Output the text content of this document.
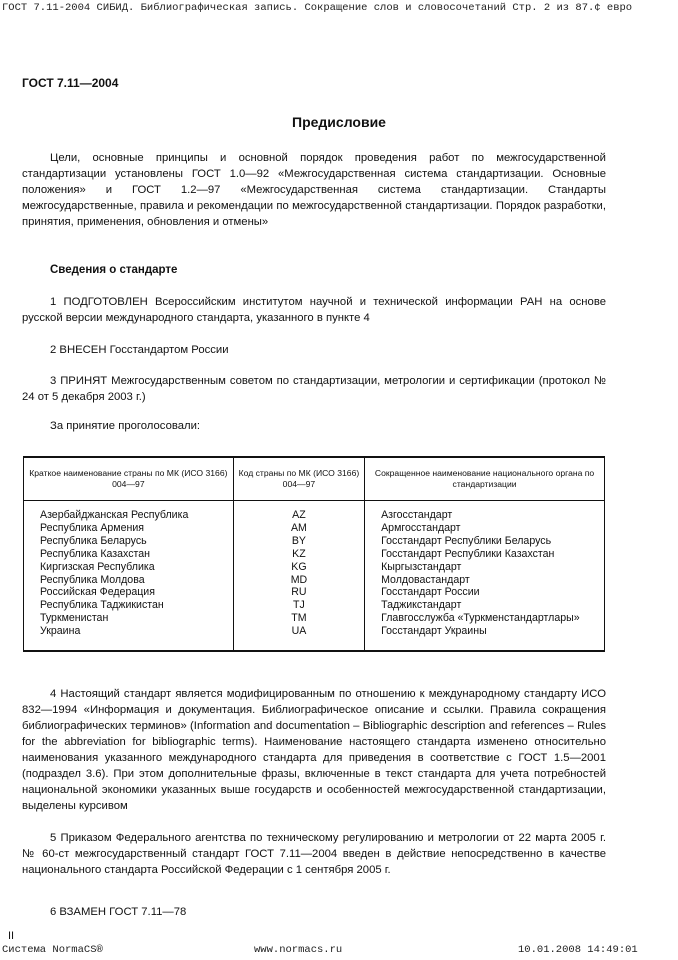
ГОСТ 7.11-2004 СИБИД. Библиографическая запись. Сокращение слов и словосочетаний Стр. 2 из 87.¢ евро
ГОСТ 7.11—2004
Предисловие
Цели, основные принципы и основной порядок проведения работ по межгосударственной стандартизации установлены ГОСТ 1.0—92 «Межгосударственная система стандартизации. Основные положения» и ГОСТ 1.2—97 «Межгосударственная система стандартизации. Стандарты межгосударственные, правила и рекомендации по межгосударственной стандартизации. Порядок разработки, принятия, применения, обновления и отмены»
Сведения о стандарте
1 ПОДГОТОВЛЕН Всероссийским институтом научной и технической информации РАН на основе русской версии международного стандарта, указанного в пункте 4
2 ВНЕСЕН Госстандартом России
3 ПРИНЯТ Межгосударственным советом по стандартизации, метрологии и сертификации (протокол № 24 от 5 декабря 2003 г.)
За принятие проголосовали:
Краткое наименование страны по МК (ИСО 3166) 004—97	Код страны по МК (ИСО 3166) 004—97	Сокращенное наименование национального органа по стандартизации
Азербайджанская Республика	AZ	Азгосстандарт
Республика Армения	AM	Армгосстандарт
Республика Беларусь	BY	Госстандарт Республики Беларусь
Республика Казахстан	KZ	Госстандарт Республики Казахстан
Киргизская Республика	KG	Кыргызстандарт
Республика Молдова	MD	Молдовастандарт
Российская Федерация	RU	Госстандарт России
Республика Таджикистан	TJ	Таджикстандарт
Туркменистан	TM	Главгосслужба «Туркменстандартлары»
Украина	UA	Госстандарт Украины
4 Настоящий стандарт является модифицированным по отношению к международному стандарту ИСО 832—1994 «Информация и документация. Библиографическое описание и ссылки. Правила сокращения библиографических терминов» (Information and documentation – Bibliographic description and references – Rules for the abbreviation for bibliographic terms). Наименование настоящего стандарта изменено относительно наименования указанного международного стандарта для приведения в соответствие с ГОСТ 1.5—2001 (подраздел 3.6). При этом дополнительные фразы, включенные в текст стандарта для учета потребностей национальной экономики указанных выше государств и особенностей межгосударственной стандартизации, выделены курсивом
5 Приказом Федерального агентства по техническому регулированию и метрологии от 22 марта 2005 г. № 60-ст межгосударственный стандарт ГОСТ 7.11—2004 введен в действие непосредственно в качестве национального стандарта Российской Федерации с 1 сентября 2005 г.
6 ВЗАМЕН ГОСТ 7.11—78
II
Система NormaCS®	www.normacs.ru	10.01.2008 14:49:01
